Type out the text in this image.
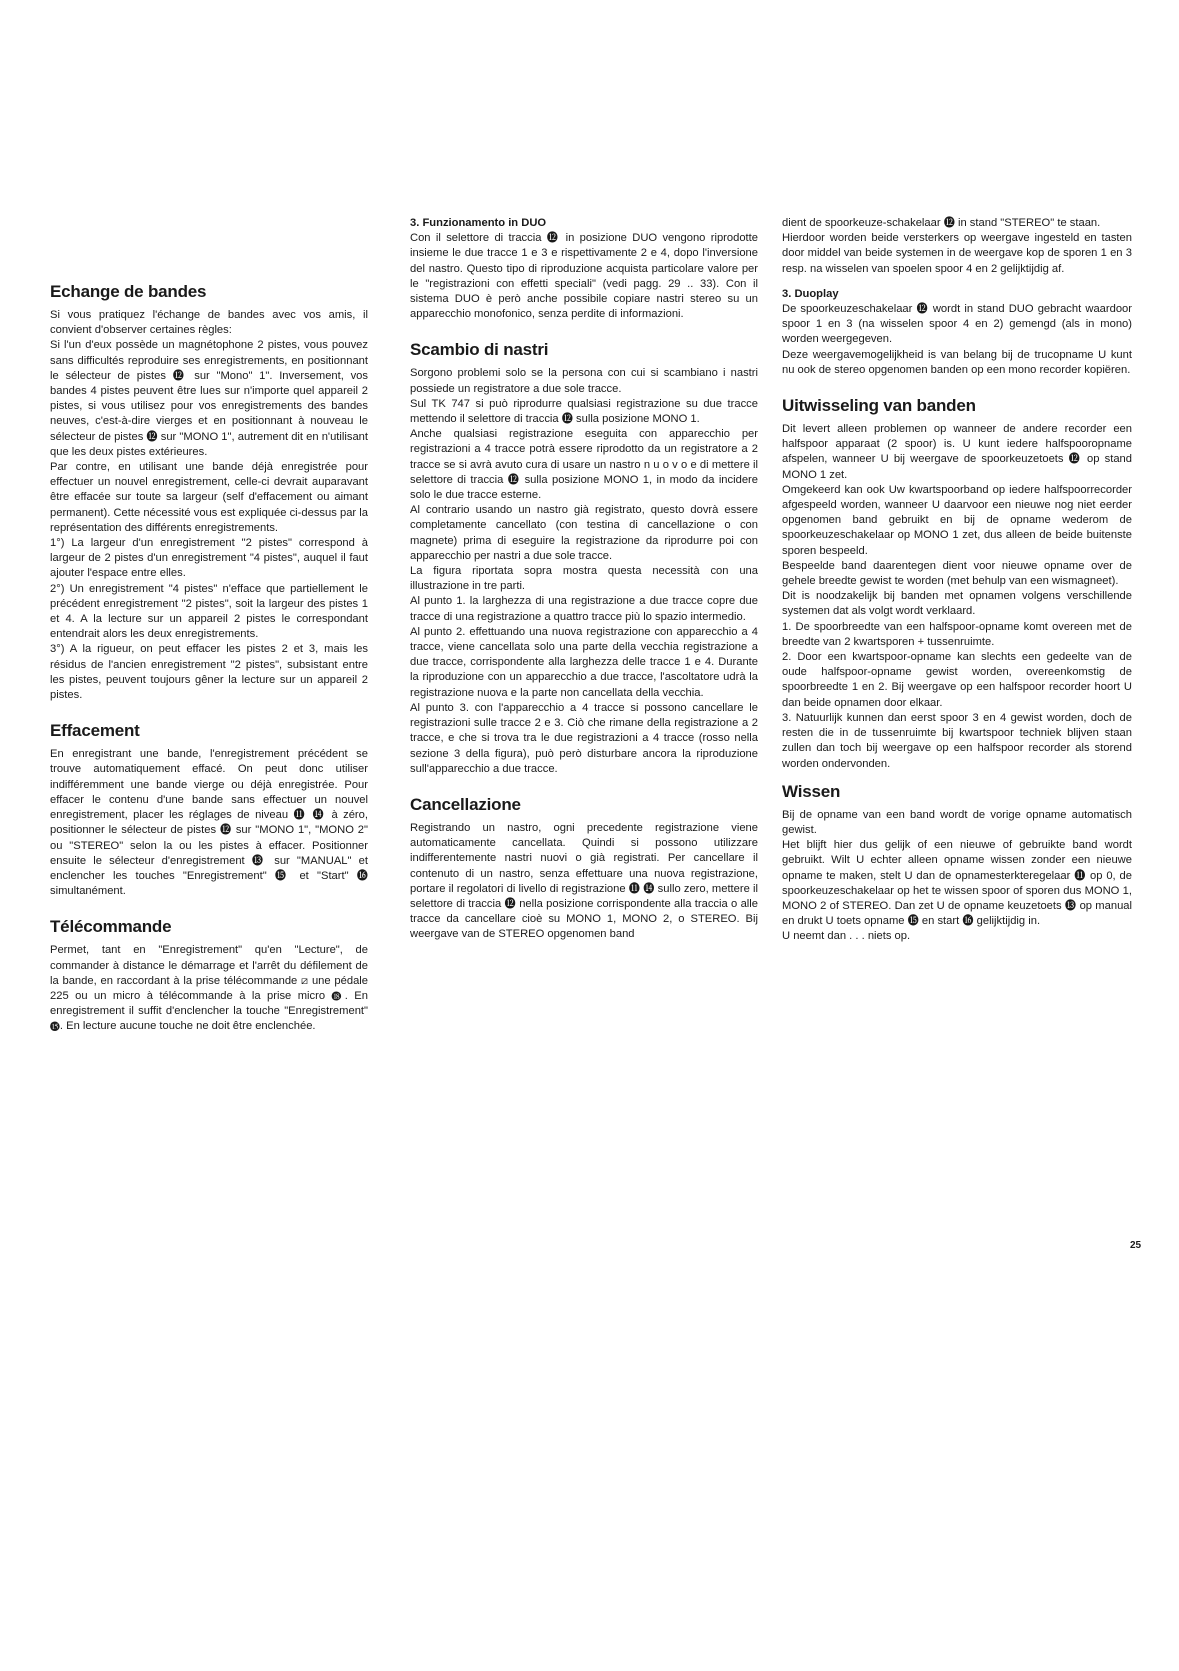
Echange de bandes

Si vous pratiquez l'échange de bandes avec vos amis, il convient d'observer certaines règles:

Si l'un d'eux possède un magnétophone 2 pistes, vous pouvez sans difficultés reproduire ses enregistrements, en positionnant le sélecteur de pistes ⓬ sur "Mono" 1". Inversement, vos bandes 4 pistes peuvent être lues sur n'importe quel appareil 2 pistes, si vous utilisez pour vos enregistrements des bandes neuves, c'est-à-dire vierges et en positionnant à nouveau le sélecteur de pistes ⓬ sur "MONO 1", autrement dit en n'utilisant que les deux pistes extérieures.

Par contre, en utilisant une bande déjà enregistrée pour effectuer un nouvel enregistrement, celle-ci devrait auparavant être effacée sur toute sa largeur (self d'effacement ou aimant permanent). Cette nécessité vous est expliquée ci-dessus par la représentation des différents enregistrements.

1°) La largeur d'un enregistrement "2 pistes" correspond à largeur de 2 pistes d'un enregistrement "4 pistes", auquel il faut ajouter l'espace entre elles.

2°) Un enregistrement "4 pistes" n'efface que partiellement le précédent enregistrement "2 pistes", soit la largeur des pistes 1 et 4. A la lecture sur un appareil 2 pistes le correspondant entendrait alors les deux enregistrements.

3°) A la rigueur, on peut effacer les pistes 2 et 3, mais les résidus de l'ancien enregistrement "2 pistes", subsistant entre les pistes, peuvent toujours gêner la lecture sur un appareil 2 pistes.

Effacement

En enregistrant une bande, l'enregistrement précédent se trouve automatiquement effacé. On peut donc utiliser indifféremment une bande vierge ou déjà enregistrée. Pour effacer le contenu d'une bande sans effectuer un nouvel enregistrement, placer les réglages de niveau ⓫ ⓮ à zéro, positionner le sélecteur de pistes ⓬ sur "MONO 1", "MONO 2" ou "STEREO" selon la ou les pistes à effacer. Positionner ensuite le sélecteur d'enregistrement ⓭ sur "MANUAL" et enclencher les touches "Enregistrement" ⓯ et "Start" ⓰ simultanément.

Télécommande

Permet, tant en "Enregistrement" qu'en "Lecture", de commander à distance le démarrage et l'arrêt du défilement de la bande, en raccordant à la prise télécommande ⧄ une pédale 225 ou un micro à télécommande à la prise micro ⓲. En enregistrement il suffit d'enclencher la touche "Enregistrement" ⓯. En lecture aucune touche ne doit être enclenchée.

3. Funzionamento in DUO

Con il selettore di traccia ⓬ in posizione DUO vengono riprodotte insieme le due tracce 1 e 3 e rispettivamente 2 e 4, dopo l'inversione del nastro. Questo tipo di riproduzione acquista particolare valore per le "registrazioni con effetti speciali" (vedi pagg. 29 .. 33). Con il sistema DUO è però anche possibile copiare nastri stereo su un apparecchio monofonico, senza perdite di informazioni.

Scambio di nastri

Sorgono problemi solo se la persona con cui si scambiano i nastri possiede un registratore a due sole tracce.

Sul TK 747 si può riprodurre qualsiasi registrazione su due tracce mettendo il selettore di traccia ⓬ sulla posizione MONO 1.

Anche qualsiasi registrazione eseguita con apparecchio per registrazioni a 4 tracce potrà essere riprodotto da un registratore a 2 tracce se si avrà avuto cura di usare un nastro n u o v o e di mettere il selettore di traccia ⓬ sulla posizione MONO 1, in modo da incidere solo le due tracce esterne.

Al contrario usando un nastro già registrato, questo dovrà essere completamente cancellato (con testina di cancellazione o con magnete) prima di eseguire la registrazione da riprodurre poi con apparecchio per nastri a due sole tracce.

La figura riportata sopra mostra questa necessità con una illustrazione in tre parti.

Al punto 1. la larghezza di una registrazione a due tracce copre due tracce di una registrazione a quattro tracce più lo spazio intermedio.

Al punto 2. effettuando una nuova registrazione con apparecchio a 4 tracce, viene cancellata solo una parte della vecchia registrazione a due tracce, corrispondente alla larghezza delle tracce 1 e 4. Durante la riproduzione con un apparecchio a due tracce, l'ascoltatore udrà la registrazione nuova e la parte non cancellata della vecchia.

Al punto 3. con l'apparecchio a 4 tracce si possono cancellare le registrazioni sulle tracce 2 e 3. Ciò che rimane della registrazione a 2 tracce, e che si trova tra le due registrazioni a 4 tracce (rosso nella sezione 3 della figura), può però disturbare ancora la riproduzione sull'apparecchio a due tracce.

Cancellazione

Registrando un nastro, ogni precedente registrazione viene automaticamente cancellata. Quindi si possono utilizzare indifferentemente nastri nuovi o già registrati. Per cancellare il contenuto di un nastro, senza effettuare una nuova registrazione, portare il regolatori di livello di registrazione ⓫ ⓮ sullo zero, mettere il selettore di traccia ⓬ nella posizione corrispondente alla traccia o alle tracce da cancellare cioè su MONO 1, MONO 2, o STEREO. Bij weergave van de STEREO opgenomen band

dient de spoorkeuze-schakelaar ⓬ in stand "STEREO" te staan.

Hierdoor worden beide versterkers op weergave ingesteld en tasten door middel van beide systemen in de weergave kop de sporen 1 en 3 resp. na wisselen van spoelen spoor 4 en 2 gelijktijdig af.

3. Duoplay

De spoorkeuzeschakelaar ⓬ wordt in stand DUO gebracht waardoor spoor 1 en 3 (na wisselen spoor 4 en 2) gemengd (als in mono) worden weergegeven.

Deze weergavemogelijkheid is van belang bij de trucopname U kunt nu ook de stereo opgenomen banden op een mono recorder kopiëren.

Uitwisseling van banden

Dit levert alleen problemen op wanneer de andere recorder een halfspoor apparaat (2 spoor) is. U kunt iedere halfspooropname afspelen, wanneer U bij weergave de spoorkeuzetoets ⓬ op stand MONO 1 zet.

Omgekeerd kan ook Uw kwartspoorband op iedere halfspoorrecorder afgespeeld worden, wanneer U daarvoor een nieuwe nog niet eerder opgenomen band gebruikt en bij de opname wederom de spoorkeuzeschakelaar op MONO 1 zet, dus alleen de beide buitenste sporen bespeeld.

Bespeelde band daarentegen dient voor nieuwe opname over de gehele breedte gewist te worden (met behulp van een wismagneet).

Dit is noodzakelijk bij banden met opnamen volgens verschillende systemen dat als volgt wordt verklaard.

1. De spoorbreedte van een halfspoor-opname komt overeen met de breedte van 2 kwartsporen + tussenruimte.

2. Door een kwartspoor-opname kan slechts een gedeelte van de oude halfspoor-opname gewist worden, overeenkomstig de spoorbreedte 1 en 2. Bij weergave op een halfspoor recorder hoort U dan beide opnamen door elkaar.

3. Natuurlijk kunnen dan eerst spoor 3 en 4 gewist worden, doch de resten die in de tussenruimte bij kwartspoor techniek blijven staan zullen dan toch bij weergave op een halfspoor recorder als storend worden ondervonden.

Wissen

Bij de opname van een band wordt de vorige opname automatisch gewist.

Het blijft hier dus gelijk of een nieuwe of gebruikte band wordt gebruikt. Wilt U echter alleen opname wissen zonder een nieuwe opname te maken, stelt U dan de opnamesterkteregelaar ⓫ op 0, de spoorkeuzeschakelaar op het te wissen spoor of sporen dus MONO 1, MONO 2 of STEREO. Dan zet U de opname keuzetoets ⓭ op manual en drukt U toets opname ⓯ en start ⓰ gelijktijdig in.

U neemt dan . . . niets op.

25
